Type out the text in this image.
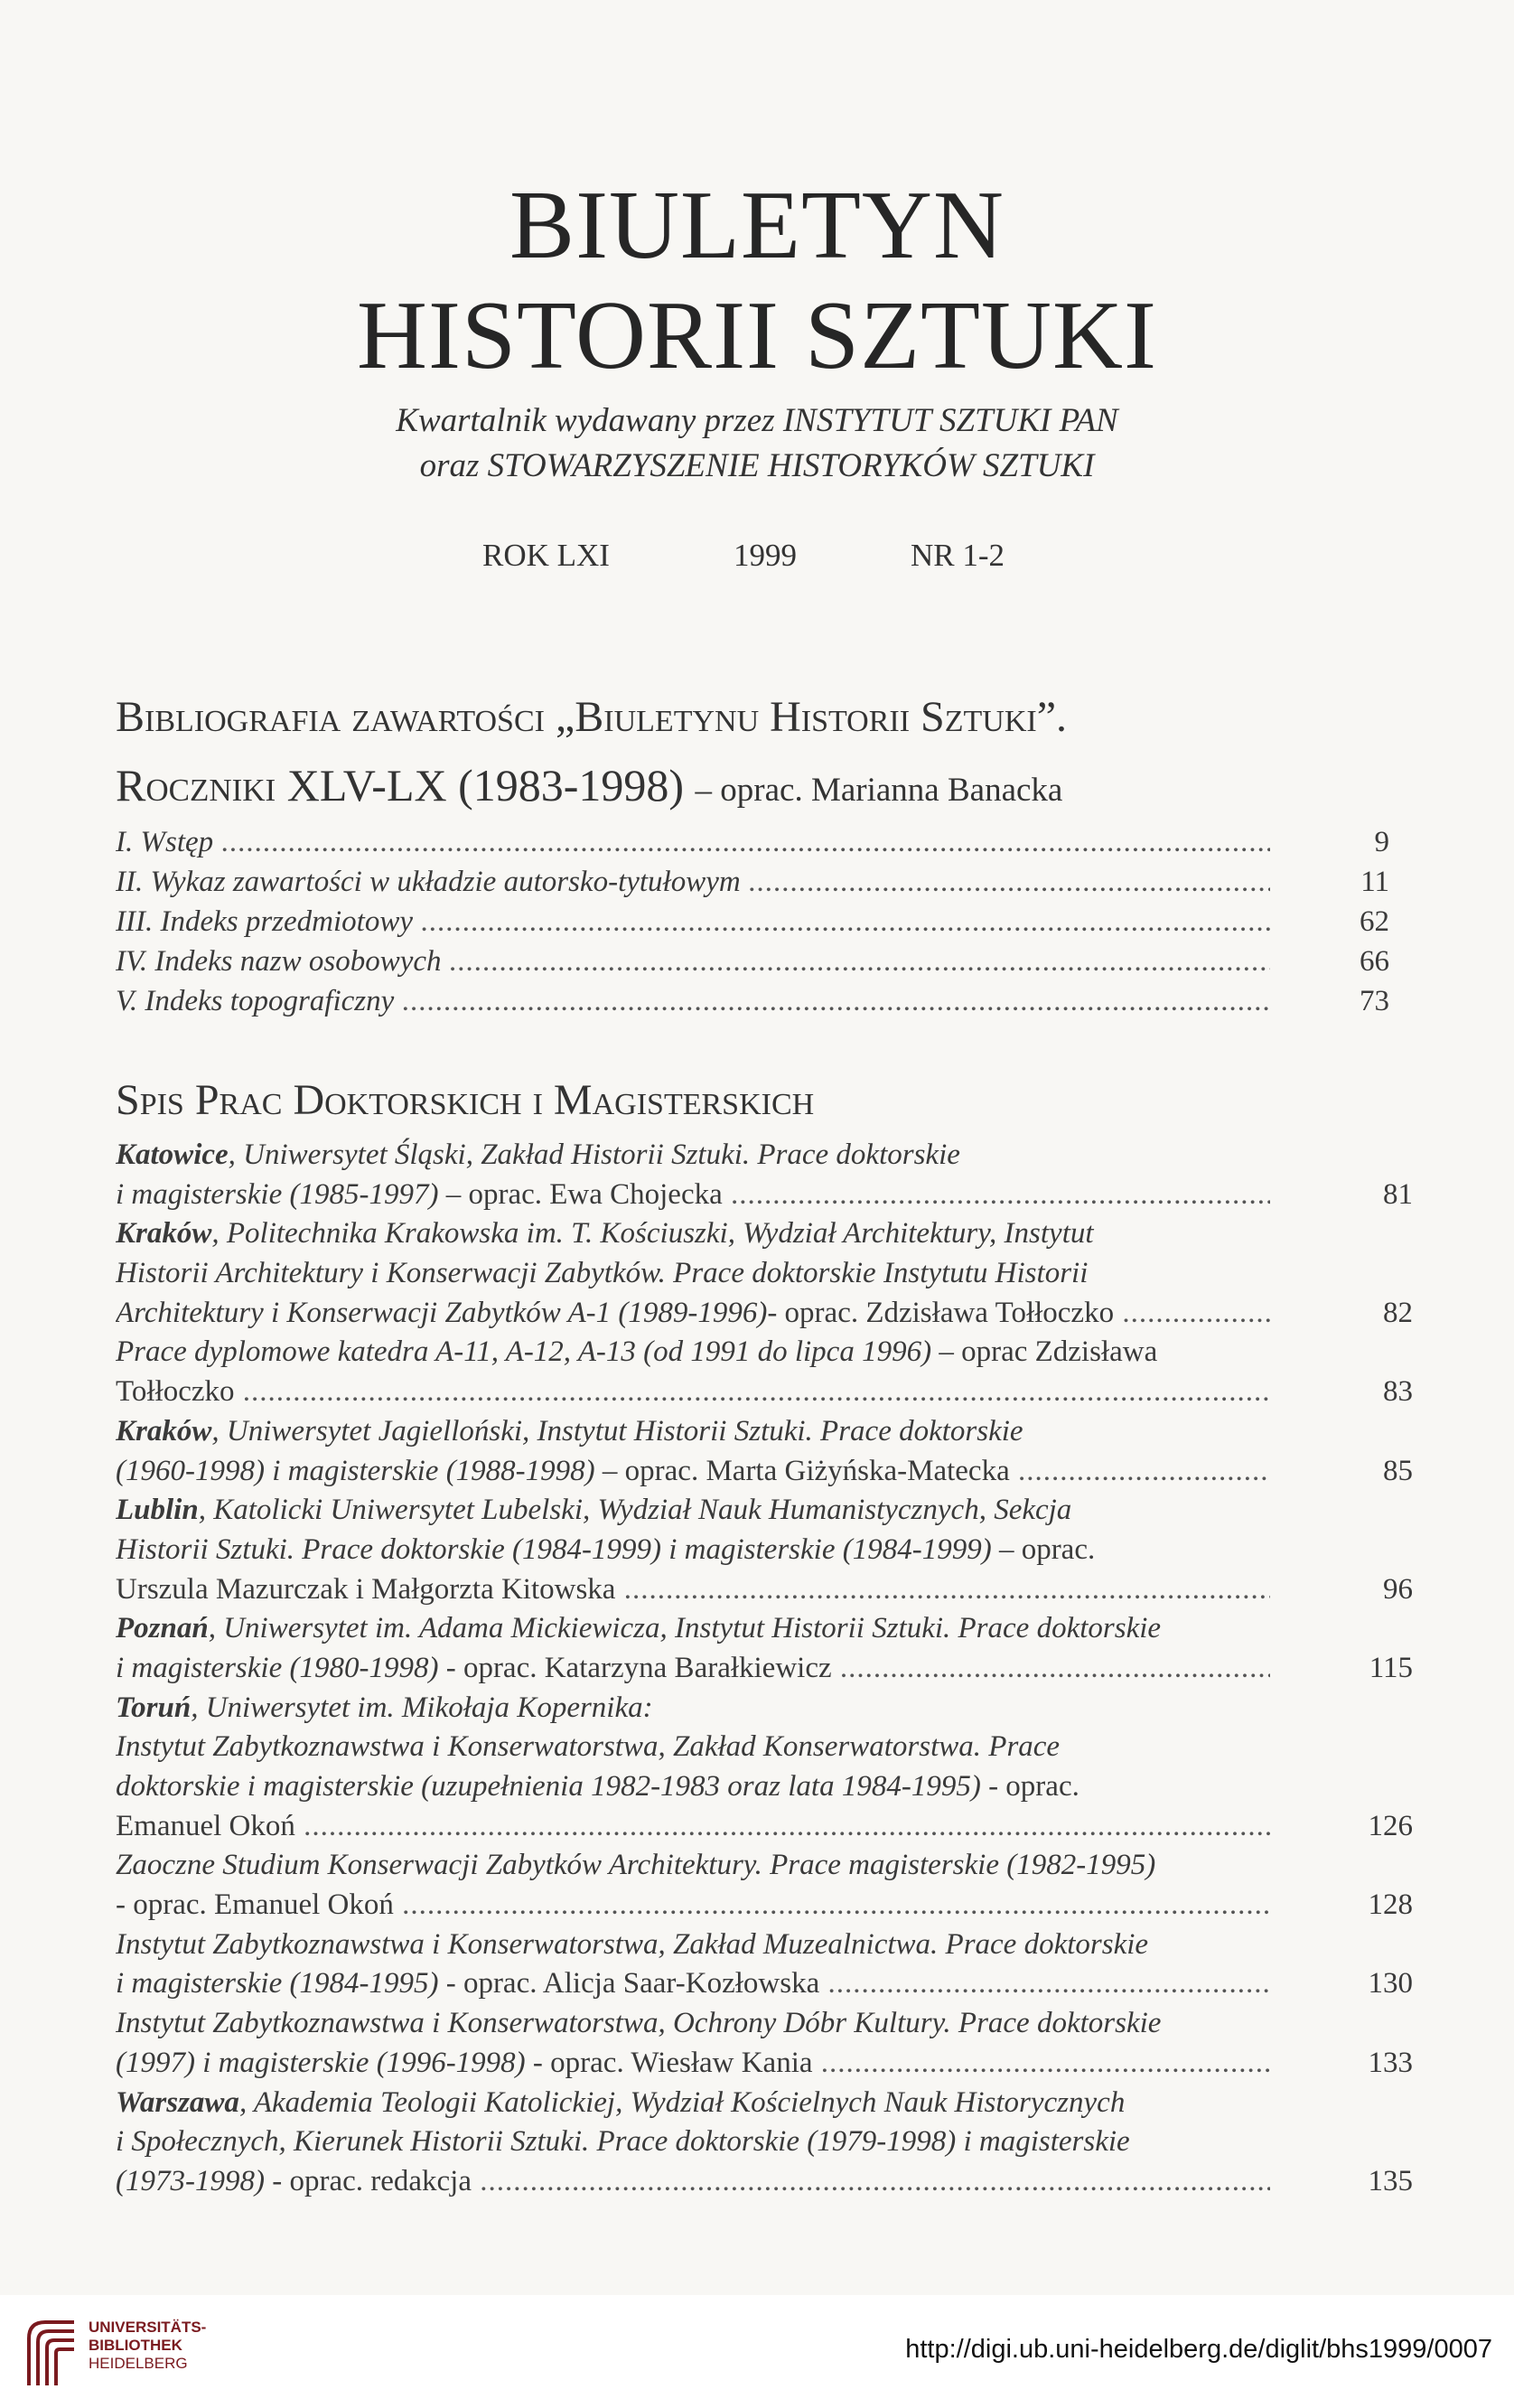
BIULETYN
HISTORII SZTUKI
Kwartalnik wydawany przez INSTYTUT SZTUKI PAN
oraz STOWARZYSZENIE HISTORYKÓW SZTUKI
ROK LXI	1999	NR 1-2
Bibliografia zawartości „Biuletynu Historii Sztuki”.
Roczniki XLV-LX (1983-1998) – oprac. Marianna Banacka
I. Wstęp .....	9
II. Wykaz zawartości w układzie autorsko-tytułowym .....	11
III. Indeks przedmiotowy .....	62
IV. Indeks nazw osobowych .....	66
V. Indeks topograficzny .....	73
Spis Prac Doktorskich i Magisterskich
Katowice, Uniwersytet Śląski, Zakład Historii Sztuki. Prace doktorskie
i magisterskie (1985-1997) – oprac. Ewa Chojecka .....	81
Kraków, Politechnika Krakowska im. T. Kościuszki, Wydział Architektury, Instytut
Historii Architektury i Konserwacji Zabytków. Prace doktorskie Instytutu Historii
Architektury i Konserwacji Zabytków A-1 (1989-1996)- oprac. Zdzisława Tołłoczko .....	82
Prace dyplomowe katedra A-11, A-12, A-13 (od 1991 do lipca 1996) – oprac Zdzisława
Tołłoczko .....	83
Kraków, Uniwersytet Jagielloński, Instytut Historii Sztuki. Prace doktorskie
(1960-1998) i magisterskie (1988-1998) – oprac. Marta Giżyńska-Matecka .....	85
Lublin, Katolicki Uniwersytet Lubelski, Wydział Nauk Humanistycznych, Sekcja
Historii Sztuki. Prace doktorskie (1984-1999) i magisterskie (1984-1999) – oprac.
Urszula Mazurczak i Małgorzta Kitowska .....	96
Poznań, Uniwersytet im. Adama Mickiewicza, Instytut Historii Sztuki. Prace doktorskie
i magisterskie (1980-1998) - oprac. Katarzyna Barałkiewicz .....	115
Toruń, Uniwersytet im. Mikołaja Kopernika:
Instytut Zabytkoznawstwa i Konserwatorstwa, Zakład Konserwatorstwa. Prace
doktorskie i magisterskie (uzupełnienia 1982-1983 oraz lata 1984-1995) - oprac.
Emanuel Okoń .....	126
Zaoczne Studium Konserwacji Zabytków Architektury. Prace magisterskie (1982-1995)
- oprac. Emanuel Okoń .....	128
Instytut Zabytkoznawstwa i Konserwatorstwa, Zakład Muzealnictwa. Prace doktorskie
i magisterskie (1984-1995) - oprac. Alicja Saar-Kozłowska .....	130
Instytut Zabytkoznawstwa i Konserwatorstwa, Ochrony Dóbr Kultury. Prace doktorskie
(1997) i magisterskie (1996-1998) - oprac. Wiesław Kania .....	133
Warszawa, Akademia Teologii Katolickiej, Wydział Kościelnych Nauk Historycznych
i Społecznych, Kierunek Historii Sztuki. Prace doktorskie (1979-1998) i magisterskie
(1973-1998) - oprac. redakcja .....	135
UNIVERSITÄTS-
BIBLIOTHEK
HEIDELBERG	http://digi.ub.uni-heidelberg.de/diglit/bhs1999/0007
